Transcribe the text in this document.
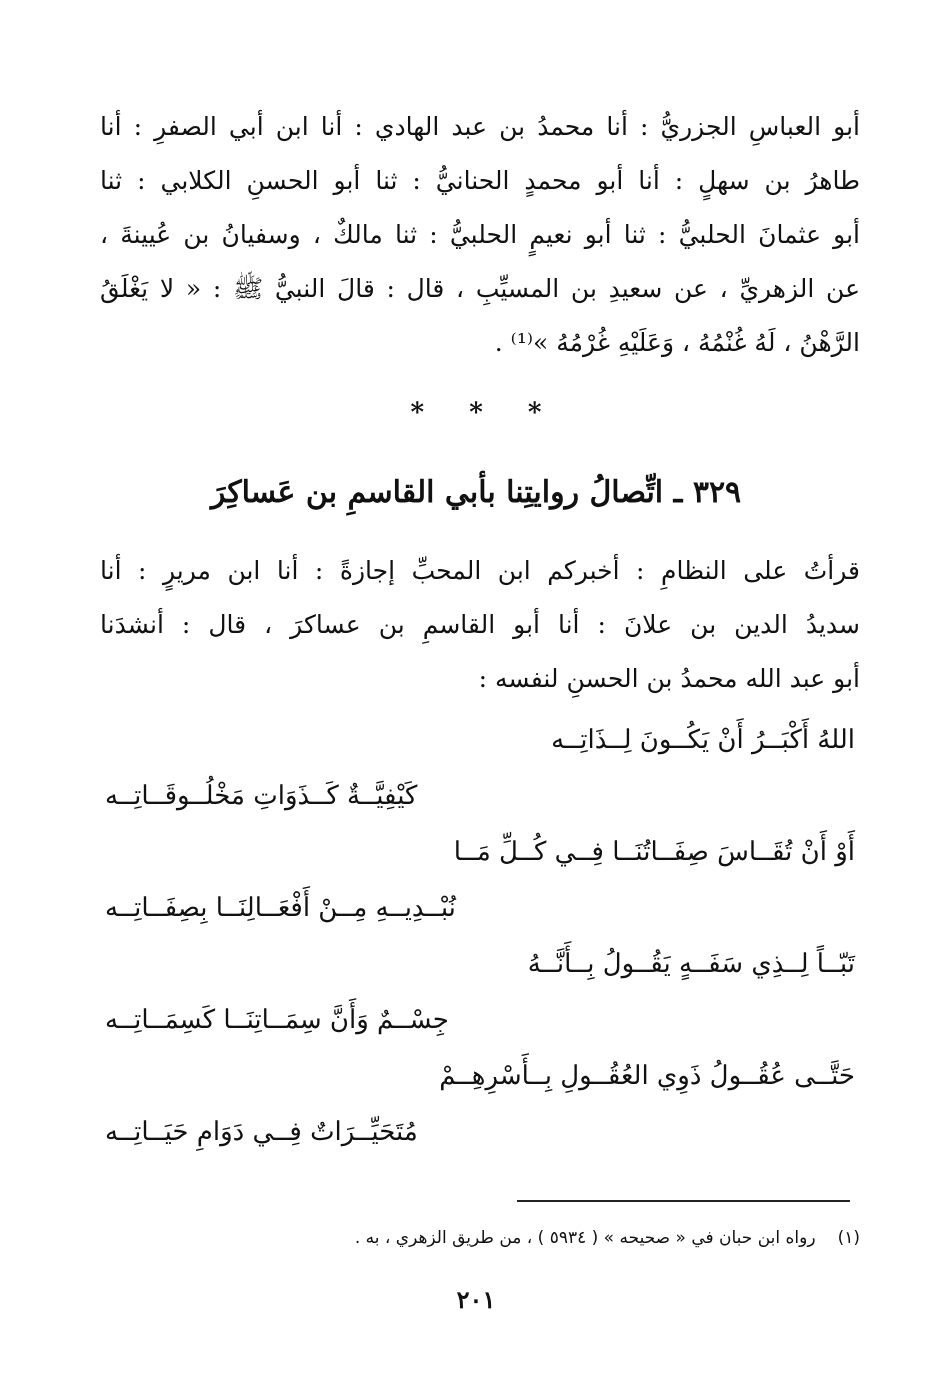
أبو العباسِ الجزريُّ : أنا محمدُ بن عبد الهادي : أنا ابن أبي الصفرِ : أنا
طاهرُ بن سهلٍ : أنا أبو محمدٍ الحنانيُّ : ثنا أبو الحسنِ الكلابي : ثنا
أبو عثمانَ الحلبيُّ : ثنا أبو نعيمٍ الحلبيُّ : ثنا مالكٌ ، وسفيانُ بن عُيينةَ ،
عن الزهريِّ ، عن سعيدِ بن المسيِّبِ ، قال : قالَ النبيُّ ﷺ : « لا يَغْلَقُ
الرَّهْنُ ، لَهُ غُنْمُهُ ، وَعَلَيْهِ غُرْمُهُ »⁽¹⁾ .
* * *
٣٢٩ ـ اتِّصالُ روايتِنا بأبي القاسمِ بن عَساكِرَ
قرأتُ على النظامِ : أخبركم ابن المحبِّ إجازةً : أنا ابن مريرٍ : أنا
سديدُ الدين بن علانَ : أنا أبو القاسمِ بن عساكرَ ، قال : أنشدَنا
أبو عبد الله محمدُ بن الحسنِ لنفسه :
اللهُ أَكْبَــرُ أَنْ يَكُــونَ لِــذَاتِــه
كَيْفِيَّــةٌ كَــذَوَاتِ مَخْلُــوقَــاتِــه
أَوْ أَنْ تُقَــاسَ صِفَــاتُنَــا فِــي كُــلِّ مَــا
نُبْــدِيــهِ مِــنْ أَفْعَــالِنَــا بِصِفَــاتِــه
تَبّــاً لِــذِي سَفَــهٍ يَقُــولُ بِــأَنَّــهُ
جِسْــمٌ وَأَنَّ سِمَــاتِنَــا كَسِمَــاتِــه
حَتَّــى عُقُــولُ ذَوِي العُقُــولِ بِــأَسْرِهِــمْ
مُتَحَيِّــرَاتٌ فِــي دَوَامِ حَيَــاتِــه
(١)رواه ابن حبان في « صحيحه » ( ٥٩٣٤ ) ، من طريق الزهري ، به .
٢٠١
